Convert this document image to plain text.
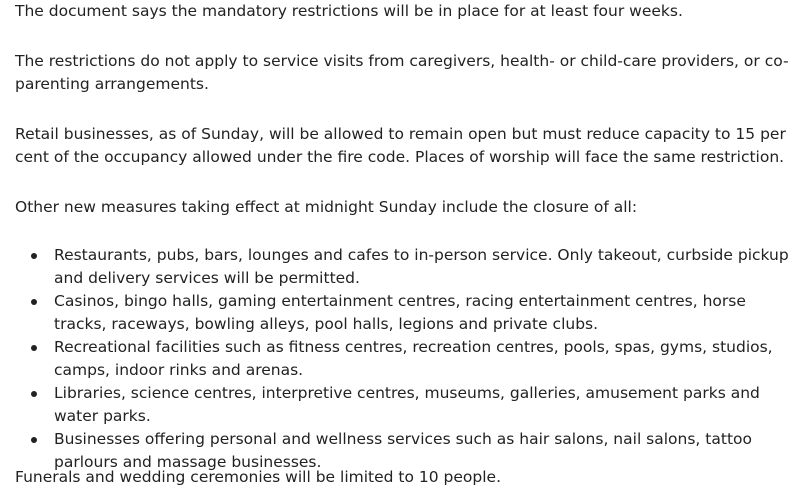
The document says the mandatory restrictions will be in place for at least four weeks.

The restrictions do not apply to service visits from caregivers, health- or child-care providers, or co-parenting arrangements.

Retail businesses, as of Sunday, will be allowed to remain open but must reduce capacity to 15 per cent of the occupancy allowed under the fire code. Places of worship will face the same restriction.

Other new measures taking effect at midnight Sunday include the closure of all:

Restaurants, pubs, bars, lounges and cafes to in-person service. Only takeout, curbside pickup and delivery services will be permitted.
Casinos, bingo halls, gaming entertainment centres, racing entertainment centres, horse tracks, raceways, bowling alleys, pool halls, legions and private clubs.
Recreational facilities such as fitness centres, recreation centres, pools, spas, gyms, studios, camps, indoor rinks and arenas.
Libraries, science centres, interpretive centres, museums, galleries, amusement parks and water parks.
Businesses offering personal and wellness services such as hair salons, nail salons, tattoo parlours and massage businesses.

Funerals and wedding ceremonies will be limited to 10 people.
